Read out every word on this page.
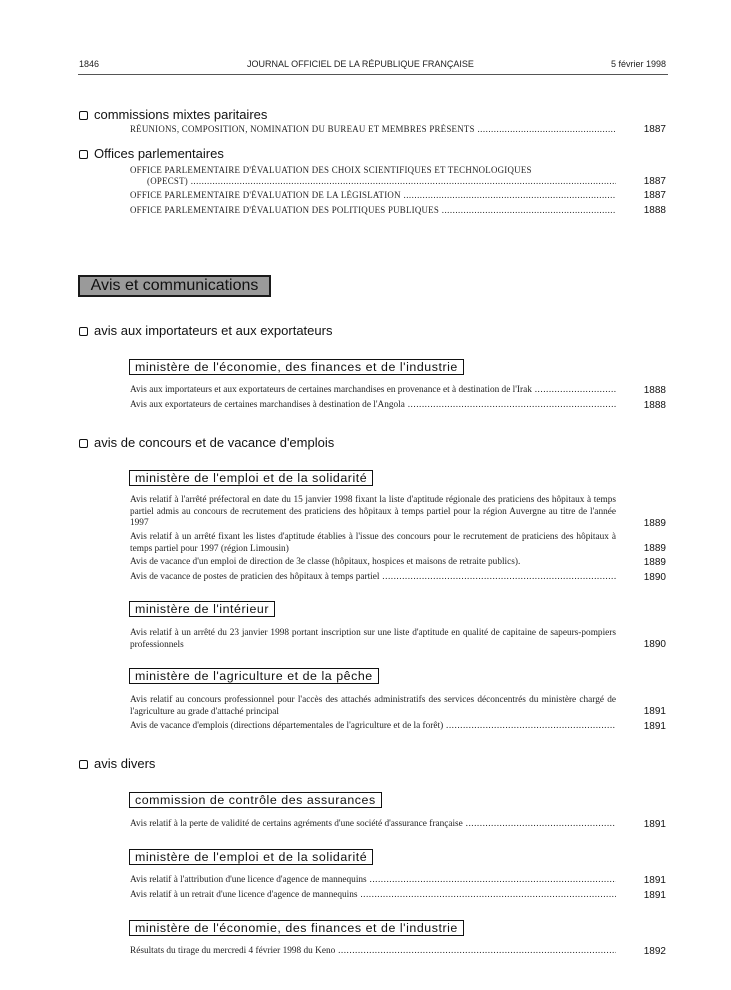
1846	JOURNAL OFFICIEL DE LA RÉPUBLIQUE FRANÇAISE	5 février 1998
commissions mixtes paritaires
RÉUNIONS, COMPOSITION, NOMINATION DU BUREAU ET MEMBRES PRÉSENTS .....	1887
Offices parlementaires
OFFICE PARLEMENTAIRE D'ÉVALUATION DES CHOIX SCIENTIFIQUES ET TECHNOLOGIQUES
(OPECST) .....	1887
OFFICE PARLEMENTAIRE D'ÉVALUATION DE LA LÉGISLATION .....	1887
OFFICE PARLEMENTAIRE D'ÉVALUATION DES POLITIQUES PUBLIQUES .....	1888
Avis et communications
avis aux importateurs et aux exportateurs
ministère de l'économie, des finances et de l'industrie
Avis aux importateurs et aux exportateurs de certaines marchandises en provenance et à destination de l'Irak .....	1888
Avis aux exportateurs de certaines marchandises à destination de l'Angola .....	1888
avis de concours et de vacance d'emplois
ministère de l'emploi et de la solidarité
Avis relatif à l'arrêté préfectoral en date du 15 janvier 1998 fixant la liste d'aptitude régionale des praticiens des hôpitaux à temps partiel admis au concours de recrutement des praticiens des hôpitaux à temps partiel pour la région Auvergne au titre de l'année 1997	1889
Avis relatif à un arrêté fixant les listes d'aptitude établies à l'issue des concours pour le recrutement de praticiens des hôpitaux à temps partiel pour 1997 (région Limousin)	1889
Avis de vacance d'un emploi de direction de 3e classe (hôpitaux, hospices et maisons de retraite publics).	1889
Avis de vacance de postes de praticien des hôpitaux à temps partiel .....	1890
ministère de l'intérieur
Avis relatif à un arrêté du 23 janvier 1998 portant inscription sur une liste d'aptitude en qualité de capitaine de sapeurs-pompiers professionnels	1890
ministère de l'agriculture et de la pêche
Avis relatif au concours professionnel pour l'accès des attachés administratifs des services déconcentrés du ministère chargé de l'agriculture au grade d'attaché principal	1891
Avis de vacance d'emplois (directions départementales de l'agriculture et de la forêt) .....	1891
avis divers
commission de contrôle des assurances
Avis relatif à la perte de validité de certains agréments d'une société d'assurance française .....	1891
ministère de l'emploi et de la solidarité
Avis relatif à l'attribution d'une licence d'agence de mannequins .....	1891
Avis relatif à un retrait d'une licence d'agence de mannequins .....	1891
ministère de l'économie, des finances et de l'industrie
Résultats du tirage du mercredi 4 février 1998 du Keno .....	1892
